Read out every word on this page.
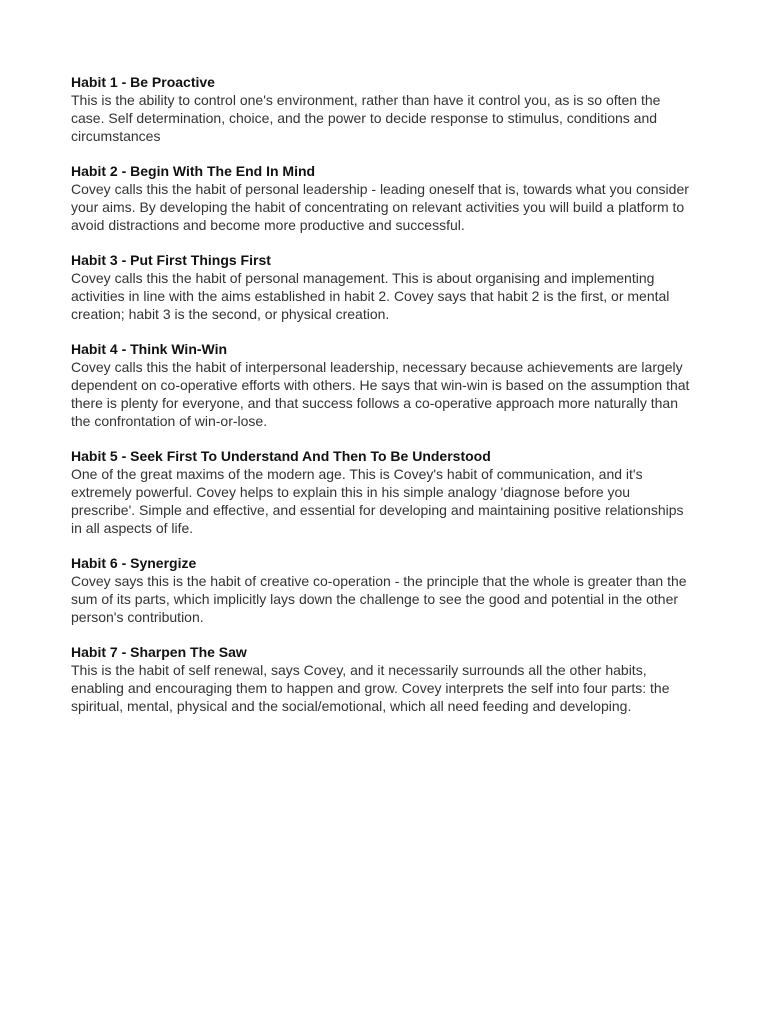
Habit 1 - Be Proactive

This is the ability to control one's environment, rather than have it control you, as is so often the case. Self determination, choice, and the power to decide response to stimulus, conditions and circumstances

Habit 2 - Begin With The End In Mind

Covey calls this the habit of personal leadership - leading oneself that is, towards what you consider your aims. By developing the habit of concentrating on relevant activities you will build a platform to avoid distractions and become more productive and successful.

Habit 3 - Put First Things First

Covey calls this the habit of personal management. This is about organising and implementing activities in line with the aims established in habit 2. Covey says that habit 2 is the first, or mental creation; habit 3 is the second, or physical creation.

Habit 4 - Think Win-Win

Covey calls this the habit of interpersonal leadership, necessary because achievements are largely dependent on co-operative efforts with others. He says that win-win is based on the assumption that there is plenty for everyone, and that success follows a co-operative approach more naturally than the confrontation of win-or-lose.

Habit 5 - Seek First To Understand And Then To Be Understood

One of the great maxims of the modern age. This is Covey's habit of communication, and it's extremely powerful. Covey helps to explain this in his simple analogy 'diagnose before you prescribe'. Simple and effective, and essential for developing and maintaining positive relationships in all aspects of life.

Habit 6 - Synergize

Covey says this is the habit of creative co-operation - the principle that the whole is greater than the sum of its parts, which implicitly lays down the challenge to see the good and potential in the other person's contribution.

Habit 7 - Sharpen The Saw

This is the habit of self renewal, says Covey, and it necessarily surrounds all the other habits, enabling and encouraging them to happen and grow. Covey interprets the self into four parts: the spiritual, mental, physical and the social/emotional, which all need feeding and developing.
